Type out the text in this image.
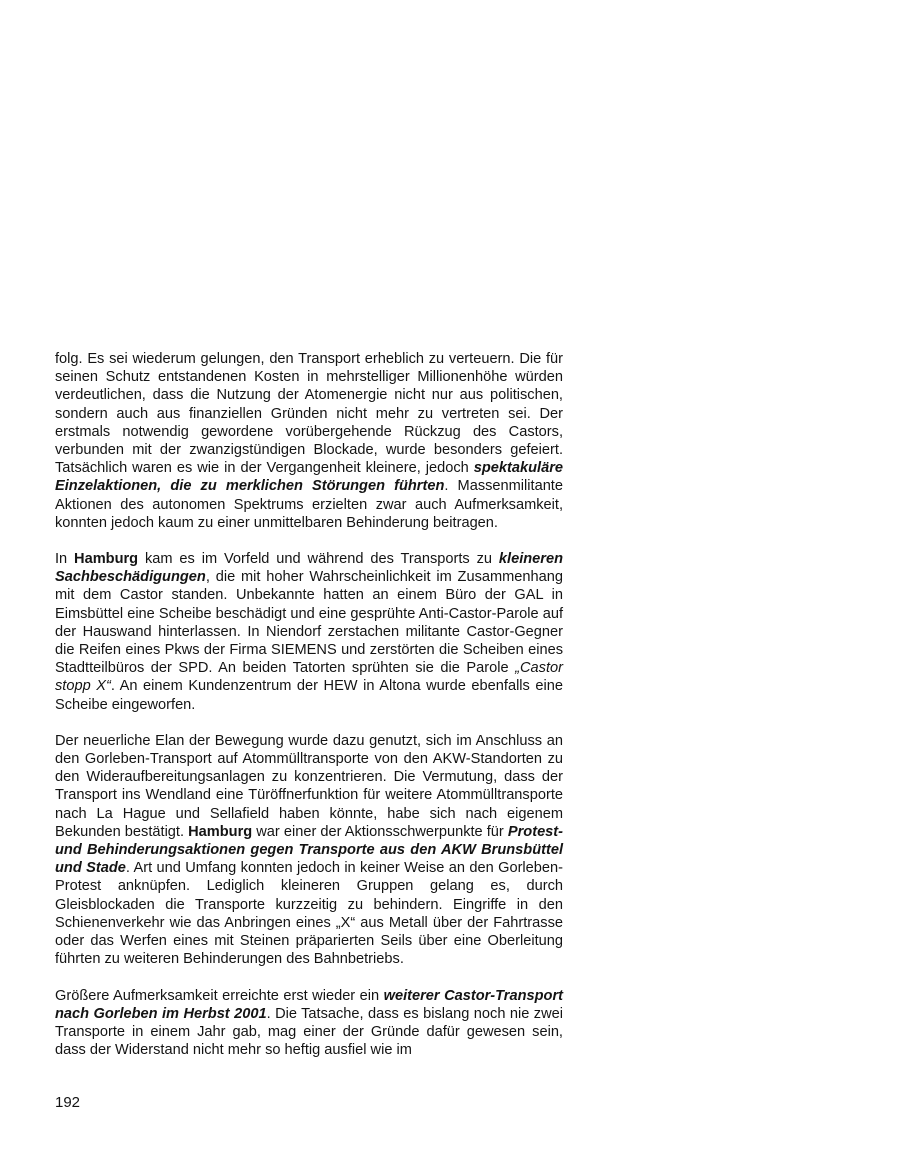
folg. Es sei wiederum gelungen, den Transport erheblich zu verteuern. Die für seinen Schutz entstandenen Kosten in mehrstelliger Millionenhöhe würden verdeutlichen, dass die Nutzung der Atomenergie nicht nur aus politischen, sondern auch aus finanziellen Gründen nicht mehr zu vertreten sei. Der erstmals notwendig gewordene vorübergehende Rückzug des Castors, verbunden mit der zwanzigstündigen Blockade, wurde besonders gefeiert. Tatsächlich waren es wie in der Vergangenheit kleinere, jedoch spektakuläre Einzelaktionen, die zu merklichen Störungen führten. Massenmilitante Aktionen des autonomen Spektrums erzielten zwar auch Aufmerksamkeit, konnten jedoch kaum zu einer unmittelbaren Behinderung beitragen.

In Hamburg kam es im Vorfeld und während des Transports zu kleineren Sachbeschädigungen, die mit hoher Wahrscheinlichkeit im Zusammenhang mit dem Castor standen. Unbekannte hatten an einem Büro der GAL in Eimsbüttel eine Scheibe beschädigt und eine gesprühte Anti-Castor-Parole auf der Hauswand hinterlassen. In Niendorf zerstachen militante Castor-Gegner die Reifen eines Pkws der Firma SIEMENS und zerstörten die Scheiben eines Stadtteilbüros der SPD. An beiden Tatorten sprühten sie die Parole „Castor stopp X“. An einem Kundenzentrum der HEW in Altona wurde ebenfalls eine Scheibe eingeworfen.

Der neuerliche Elan der Bewegung wurde dazu genutzt, sich im Anschluss an den Gorleben-Transport auf Atommülltransporte von den AKW-Standorten zu den Wideraufbereitungsanlagen zu konzentrieren. Die Vermutung, dass der Transport ins Wendland eine Türöffnerfunktion für weitere Atommülltransporte nach La Hague und Sellafield haben könnte, habe sich nach eigenem Bekunden bestätigt. Hamburg war einer der Aktionsschwerpunkte für Protest- und Behinderungsaktionen gegen Transporte aus den AKW Brunsbüttel und Stade. Art und Umfang konnten jedoch in keiner Weise an den Gorleben-Protest anknüpfen. Lediglich kleineren Gruppen gelang es, durch Gleisblockaden die Transporte kurzzeitig zu behindern. Eingriffe in den Schienenverkehr wie das Anbringen eines „X“ aus Metall über der Fahrtrasse oder das Werfen eines mit Steinen präparierten Seils über eine Oberleitung führten zu weiteren Behinderungen des Bahnbetriebs.

Größere Aufmerksamkeit erreichte erst wieder ein weiterer Castor-Transport nach Gorleben im Herbst 2001. Die Tatsache, dass es bislang noch nie zwei Transporte in einem Jahr gab, mag einer der Gründe dafür gewesen sein, dass der Widerstand nicht mehr so heftig ausfiel wie im

192
